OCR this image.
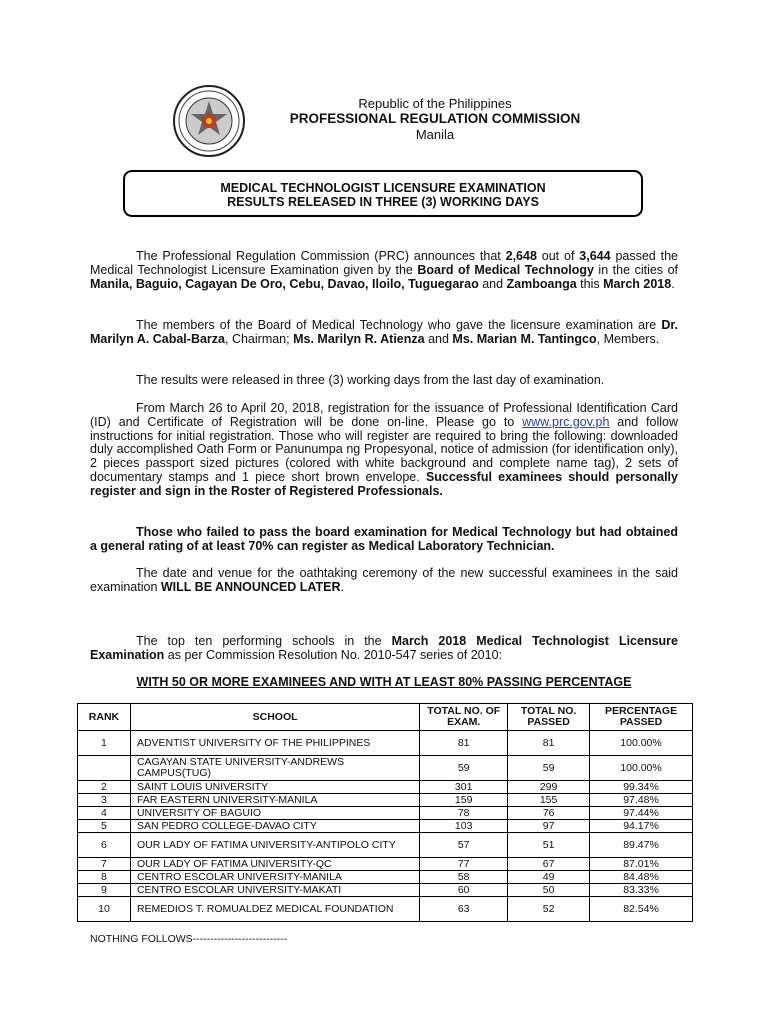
Republic of the Philippines
PROFESSIONAL REGULATION COMMISSION
Manila
MEDICAL TECHNOLOGIST LICENSURE EXAMINATION
RESULTS RELEASED IN THREE (3) WORKING DAYS
The Professional Regulation Commission (PRC) announces that 2,648 out of 3,644 passed the Medical Technologist Licensure Examination given by the Board of Medical Technology in the cities of Manila, Baguio, Cagayan De Oro, Cebu, Davao, Iloilo, Tuguegarao and Zamboanga this March 2018.
The members of the Board of Medical Technology who gave the licensure examination are Dr. Marilyn A. Cabal-Barza, Chairman; Ms. Marilyn R. Atienza and Ms. Marian M. Tantingco, Members.
The results were released in three (3) working days from the last day of examination.
From March 26 to April 20, 2018, registration for the issuance of Professional Identification Card (ID) and Certificate of Registration will be done on-line. Please go to www.prc.gov.ph and follow instructions for initial registration. Those who will register are required to bring the following: downloaded duly accomplished Oath Form or Panunumpa ng Propesyonal, notice of admission (for identification only), 2 pieces passport sized pictures (colored with white background and complete name tag), 2 sets of documentary stamps and 1 piece short brown envelope. Successful examinees should personally register and sign in the Roster of Registered Professionals.
Those who failed to pass the board examination for Medical Technology but had obtained a general rating of at least 70% can register as Medical Laboratory Technician.
The date and venue for the oathtaking ceremony of the new successful examinees in the said examination WILL BE ANNOUNCED LATER.
The top ten performing schools in the March 2018 Medical Technologist Licensure Examination as per Commission Resolution No. 2010-547 series of 2010:
WITH 50 OR MORE EXAMINEES AND WITH AT LEAST 80% PASSING PERCENTAGE
RANK	SCHOOL	TOTAL NO. OF EXAM.	TOTAL NO. PASSED	PERCENTAGE PASSED
1	ADVENTIST UNIVERSITY OF THE PHILIPPINES	81	81	100.00%
	CAGAYAN STATE UNIVERSITY-ANDREWS CAMPUS(TUG)	59	59	100.00%
2	SAINT LOUIS UNIVERSITY	301	299	99.34%
3	FAR EASTERN UNIVERSITY-MANILA	159	155	97.48%
4	UNIVERSITY OF BAGUIO	78	76	97.44%
5	SAN PEDRO COLLEGE-DAVAO CITY	103	97	94.17%
6	OUR LADY OF FATIMA UNIVERSITY-ANTIPOLO CITY	57	51	89.47%
7	OUR LADY OF FATIMA UNIVERSITY-QC	77	67	87.01%
8	CENTRO ESCOLAR UNIVERSITY-MANILA	58	49	84.48%
9	CENTRO ESCOLAR UNIVERSITY-MAKATI	60	50	83.33%
10	REMEDIOS T. ROMUALDEZ MEDICAL FOUNDATION	63	52	82.54%
NOTHING FOLLOWS---------------------------
